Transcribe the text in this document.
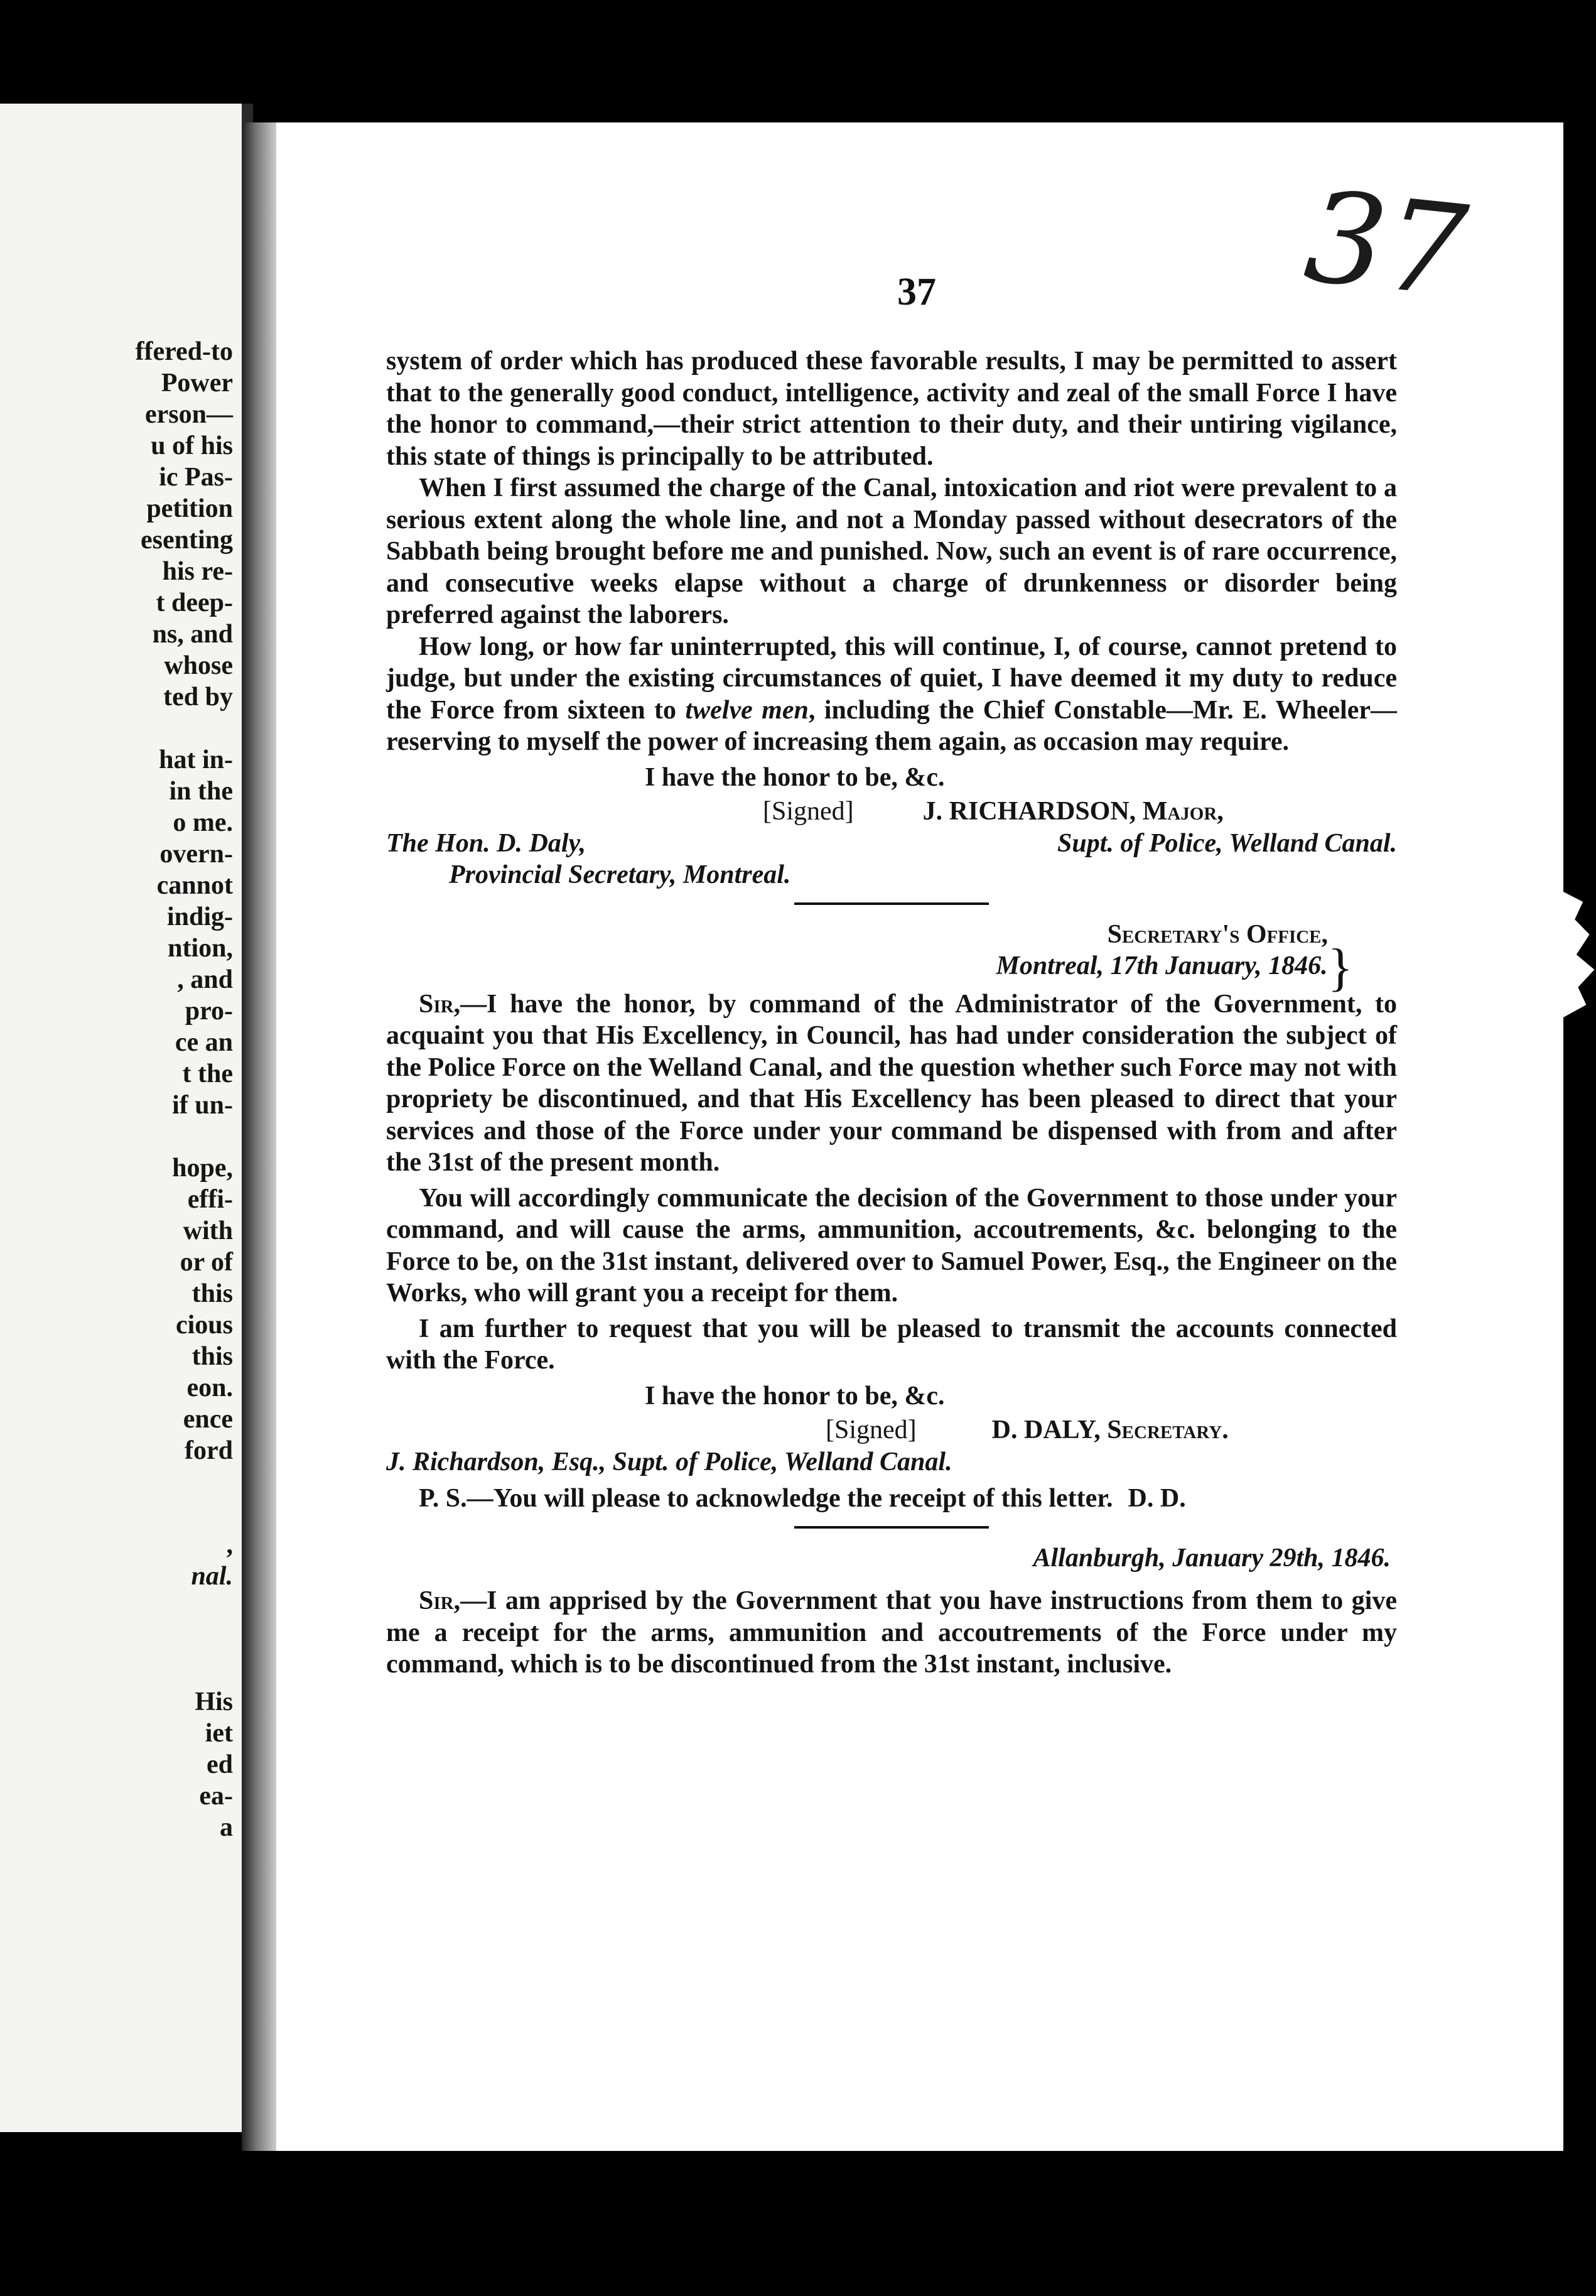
ffered-to
Power
erson—
u of his
ic Pas-
petition
esenting
his re-
t deep-
ns, and
whose
ted by
hat in-
in the
o me.
overn-
cannot
indig-
ntion,
, and
pro-
ce an
t the
if un-
hope,
effi-
with
or of
this
cious
this
eon.
ence
ford
,
nal.
His
iet
ed
ea-
a
37
37

system of order which has produced these favorable results, I may be permitted to assert that to the generally good conduct, intelligence, activity and zeal of the small Force I have the honor to command,—their strict attention to their duty, and their untiring vigilance, this state of things is principally to be attributed.

When I first assumed the charge of the Canal, intoxication and riot were prevalent to a serious extent along the whole line, and not a Monday passed without desecrators of the Sabbath being brought before me and punished. Now, such an event is of rare occurrence, and consecutive weeks elapse without a charge of drunkenness or disorder being preferred against the laborers.

How long, or how far uninterrupted, this will continue, I, of course, cannot pretend to judge, but under the existing circumstances of quiet, I have deemed it my duty to reduce the Force from sixteen to twelve men, including the Chief Constable—Mr. E. Wheeler—reserving to myself the power of increasing them again, as occasion may require.

I have the honor to be, &c.
[Signed]	J. RICHARDSON, Major,
The Hon. D. Daly,	Supt. of Police, Welland Canal.
Provincial Secretary, Montreal.
Secretary's Office,
Montreal, 17th January, 1846.}

Sir,—I have the honor, by command of the Administrator of the Government, to acquaint you that His Excellency, in Council, has had under consideration the subject of the Police Force on the Welland Canal, and the question whether such Force may not with propriety be discontinued, and that His Excellency has been pleased to direct that your services and those of the Force under your command be dispensed with from and after the 31st of the present month.

You will accordingly communicate the decision of the Government to those under your command, and will cause the arms, ammunition, accoutrements, &c. belonging to the Force to be, on the 31st instant, delivered over to Samuel Power, Esq., the Engineer on the Works, who will grant you a receipt for them.

I am further to request that you will be pleased to transmit the accounts connected with the Force.

I have the honor to be, &c.
[Signed]	D. DALY, Secretary.
J. Richardson, Esq., Supt. of Police, Welland Canal.
P. S.—You will please to acknowledge the receipt of this letter. D. D.
Allanburgh, January 29th, 1846.

Sir,—I am apprised by the Government that you have instructions from them to give me a receipt for the arms, ammunition and accoutrements of the Force under my command, which is to be discontinued from the 31st instant, inclusive.
